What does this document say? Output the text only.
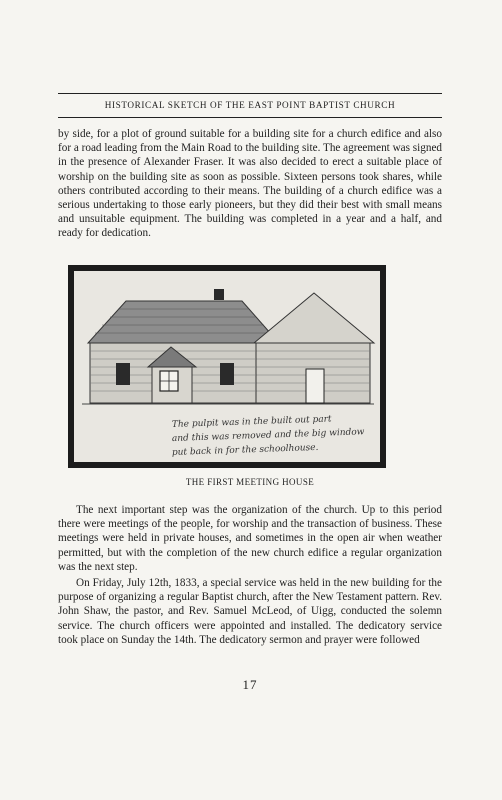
HISTORICAL SKETCH OF THE EAST POINT BAPTIST CHURCH

by side, for a plot of ground suitable for a building site for a church edifice and also for a road leading from the Main Road to the building site. The agreement was signed in the presence of Alexander Fraser. It was also decided to erect a suitable place of worship on the building site as soon as possible. Sixteen persons took shares, while others contributed according to their means. The building of a church edifice was a serious undertaking to those early pioneers, but they did their best with small means and unsuitable equipment. The building was completed in a year and a half, and ready for dedication.

The pulpit was in the built out part
and this was removed and the big window
put back in for the schoolhouse.
THE FIRST MEETING HOUSE

The next important step was the organization of the church. Up to this period there were meetings of the people, for worship and the transaction of business. These meetings were held in private houses, and sometimes in the open air when weather permitted, but with the completion of the new church edifice a regular organization was the next step.

On Friday, July 12th, 1833, a special service was held in the new building for the purpose of organizing a regular Baptist church, after the New Testament pattern. Rev. John Shaw, the pastor, and Rev. Samuel McLeod, of Uigg, conducted the solemn service. The church officers were appointed and installed. The dedicatory service took place on Sunday the 14th. The dedicatory sermon and prayer were followed

17
